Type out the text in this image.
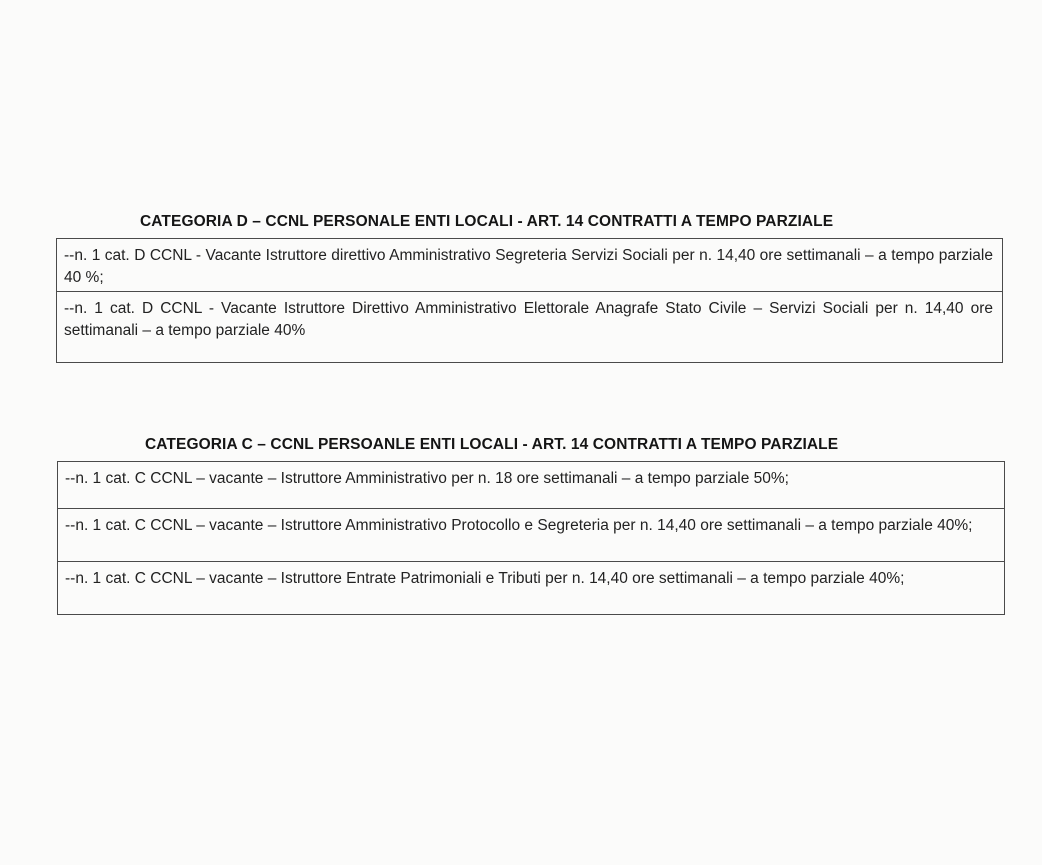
CATEGORIA D – CCNL PERSONALE ENTI LOCALI - ART. 14 CONTRATTI A TEMPO PARZIALE
--n. 1 cat. D CCNL - Vacante Istruttore direttivo Amministrativo Segreteria Servizi Sociali per n. 14,40 ore settimanali – a tempo parziale 40 %;
--n. 1 cat. D CCNL - Vacante Istruttore Direttivo Amministrativo Elettorale Anagrafe Stato Civile – Servizi Sociali per n. 14,40 ore settimanali – a tempo parziale 40%
CATEGORIA C – CCNL PERSOANLE ENTI LOCALI - ART. 14 CONTRATTI A TEMPO PARZIALE
--n. 1 cat. C CCNL – vacante – Istruttore Amministrativo per n. 18 ore settimanali – a tempo parziale 50%;
--n. 1 cat. C CCNL – vacante – Istruttore Amministrativo Protocollo e Segreteria per n. 14,40 ore settimanali – a tempo parziale 40%;
--n. 1 cat. C CCNL – vacante – Istruttore Entrate Patrimoniali e Tributi per n. 14,40 ore settimanali – a tempo parziale 40%;
